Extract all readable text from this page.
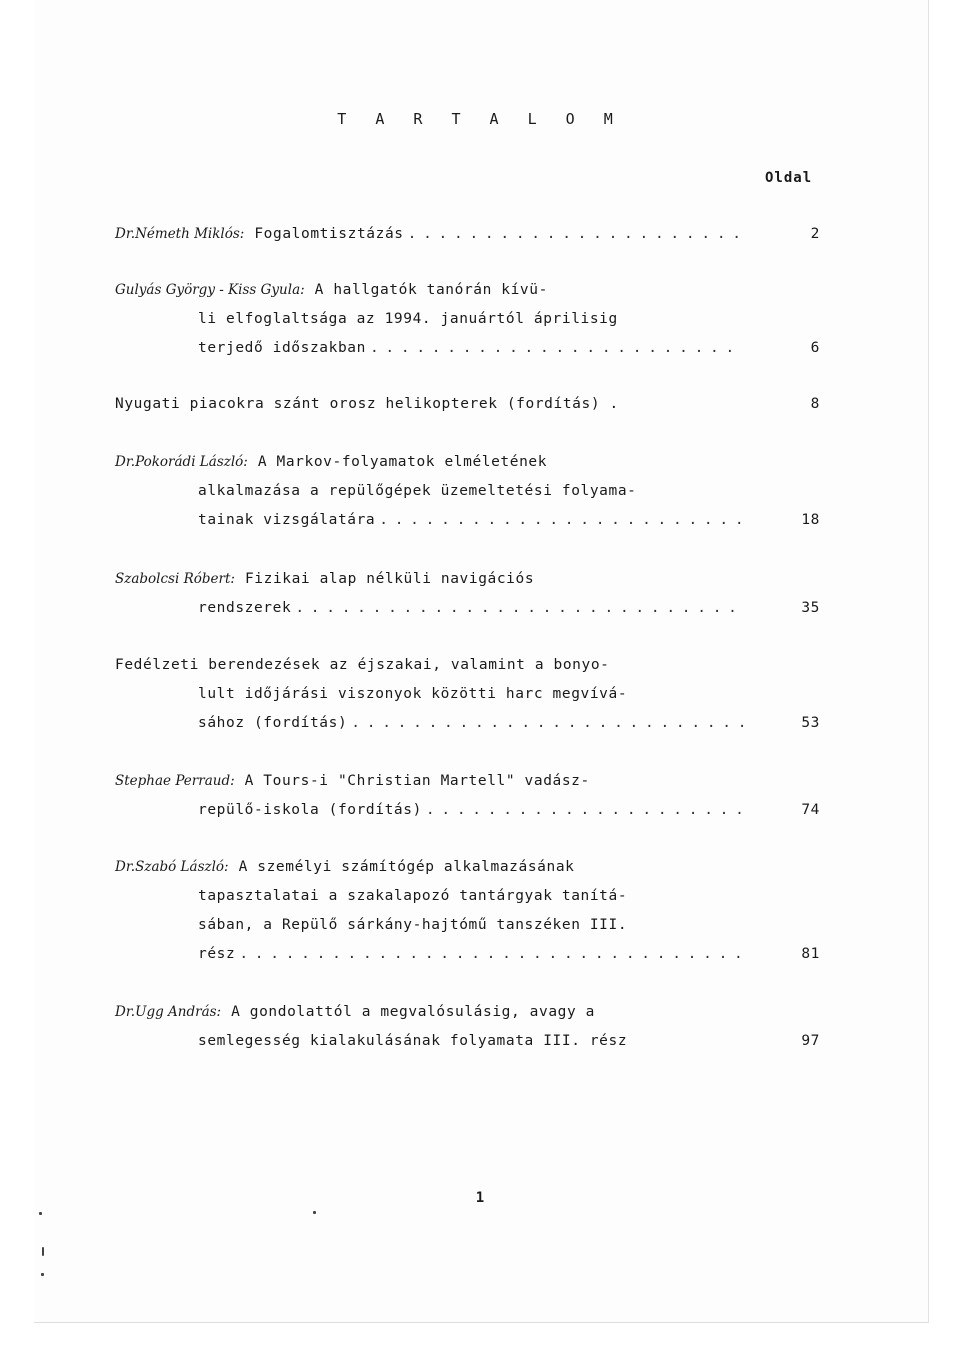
T A R T A L O M
Oldal
Dr.Németh Miklós: Fogalomtisztázás . . .	2
Gulyás György - Kiss Gyula: A hallgatók tanórán kívü-
li elfoglaltsága az 1994. januártól áprilisig
terjedő időszakban . . .	6
Nyugati piacokra szánt orosz helikopterek (fordítás) .	8
Dr.Pokorádi László: A Markov-folyamatok elméletének
alkalmazása a repülőgépek üzemeltetési folyama-
tainak vizsgálatára . . .	18
Szabolcsi Róbert: Fizikai alap nélküli navigációs
rendszerek . . .	35
Fedélzeti berendezések az éjszakai, valamint a bonyo-
lult időjárási viszonyok közötti harc megvívá-
sához (fordítás) . . .	53
Stephae Perraud: A Tours-i "Christian Martell" vadász-
repülő-iskola (fordítás) . . .	74
Dr.Szabó László: A személyi számítógép alkalmazásának
tapasztalatai a szakalapozó tantárgyak tanítá-
sában, a Repülő sárkány-hajtómű tanszéken III.
rész . . .	81
Dr.Ugg András: A gondolattól a megvalósulásig, avagy a
semlegesség kialakulásának folyamata III. rész	97
1
